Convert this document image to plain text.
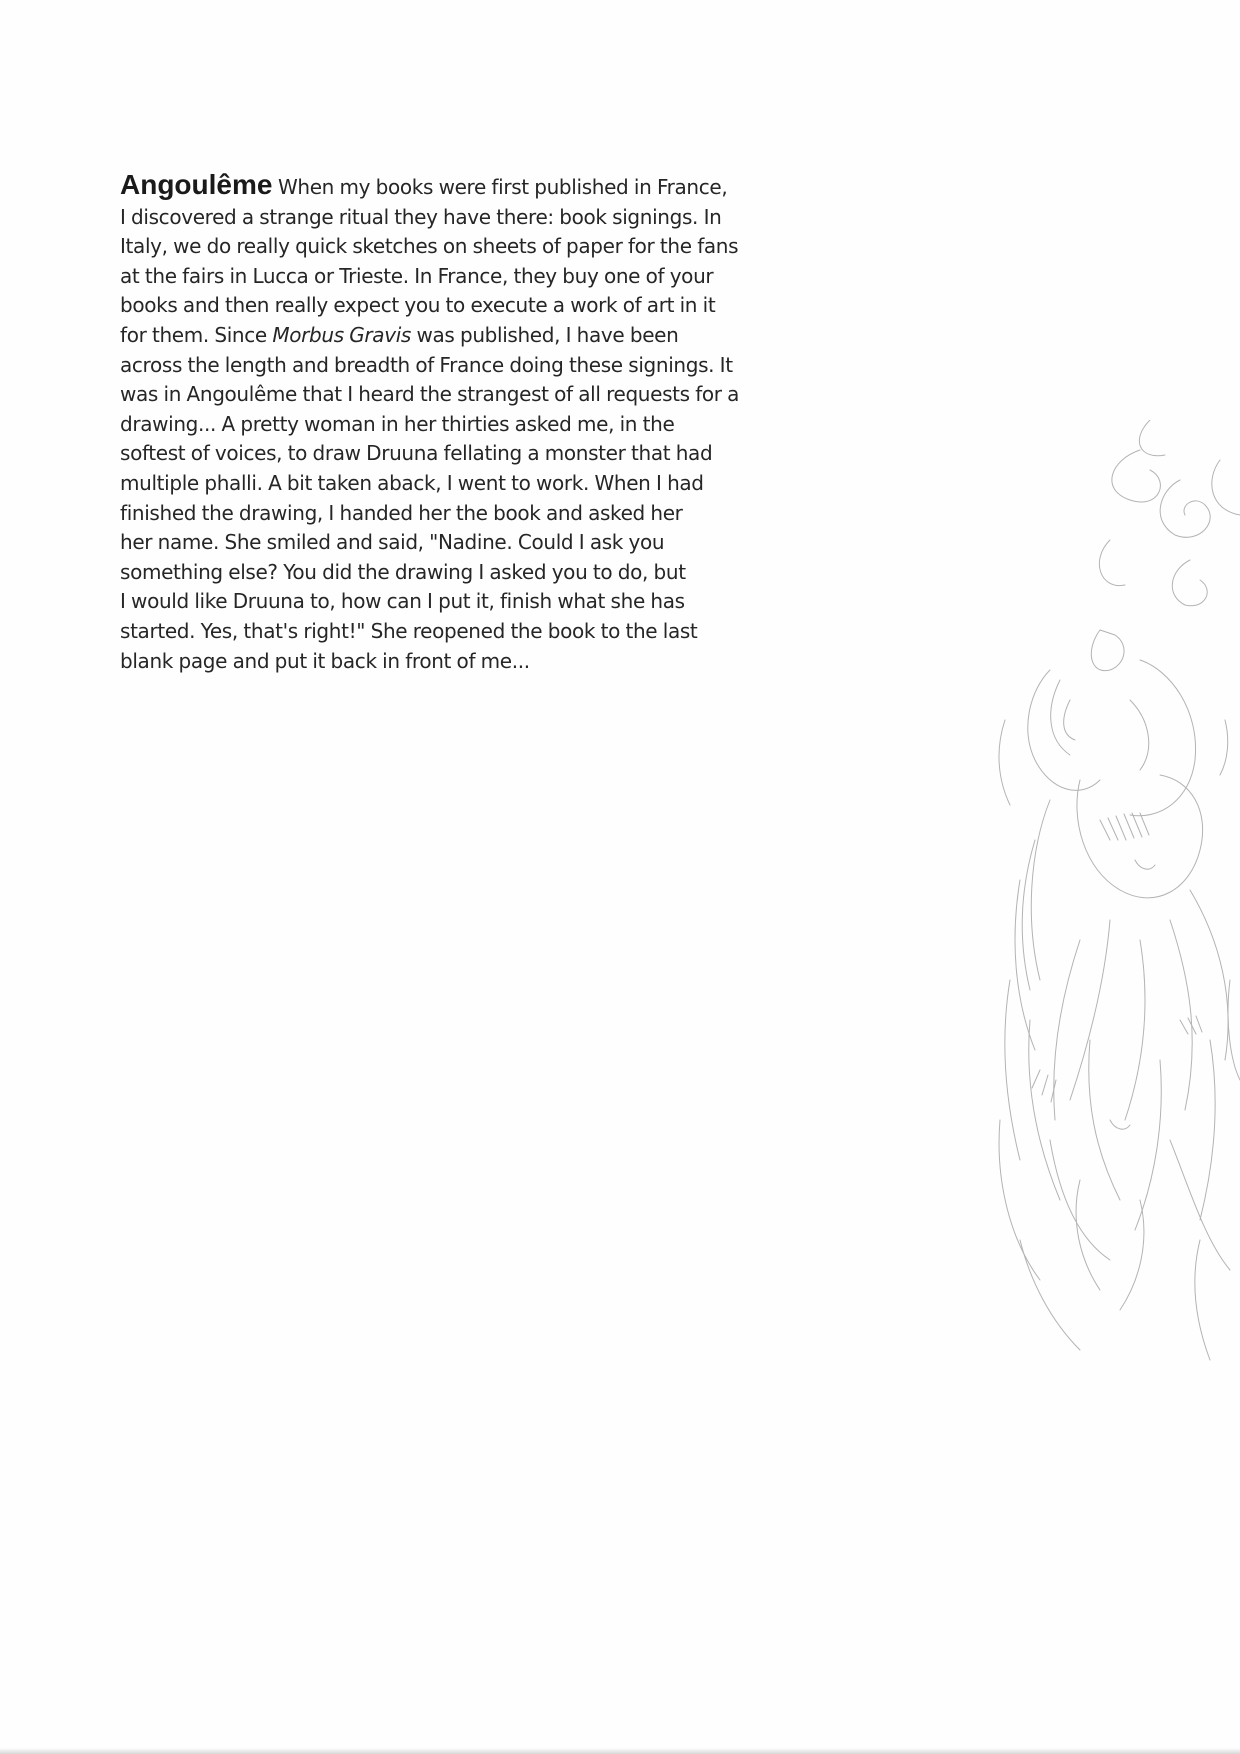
Angoulême When my books were first published in France,
I discovered a strange ritual they have there: book signings. In
Italy, we do really quick sketches on sheets of paper for the fans
at the fairs in Lucca or Trieste. In France, they buy one of your
books and then really expect you to execute a work of art in it
for them. Since Morbus Gravis was published, I have been
across the length and breadth of France doing these signings. It
was in Angoulême that I heard the strangest of all requests for a
drawing... A pretty woman in her thirties asked me, in the
softest of voices, to draw Druuna fellating a monster that had
multiple phalli. A bit taken aback, I went to work. When I had
finished the drawing, I handed her the book and asked her
her name. She smiled and said, "Nadine. Could I ask you
something else? You did the drawing I asked you to do, but
I would like Druuna to, how can I put it, finish what she has
started. Yes, that's right!" She reopened the book to the last
blank page and put it back in front of me...
